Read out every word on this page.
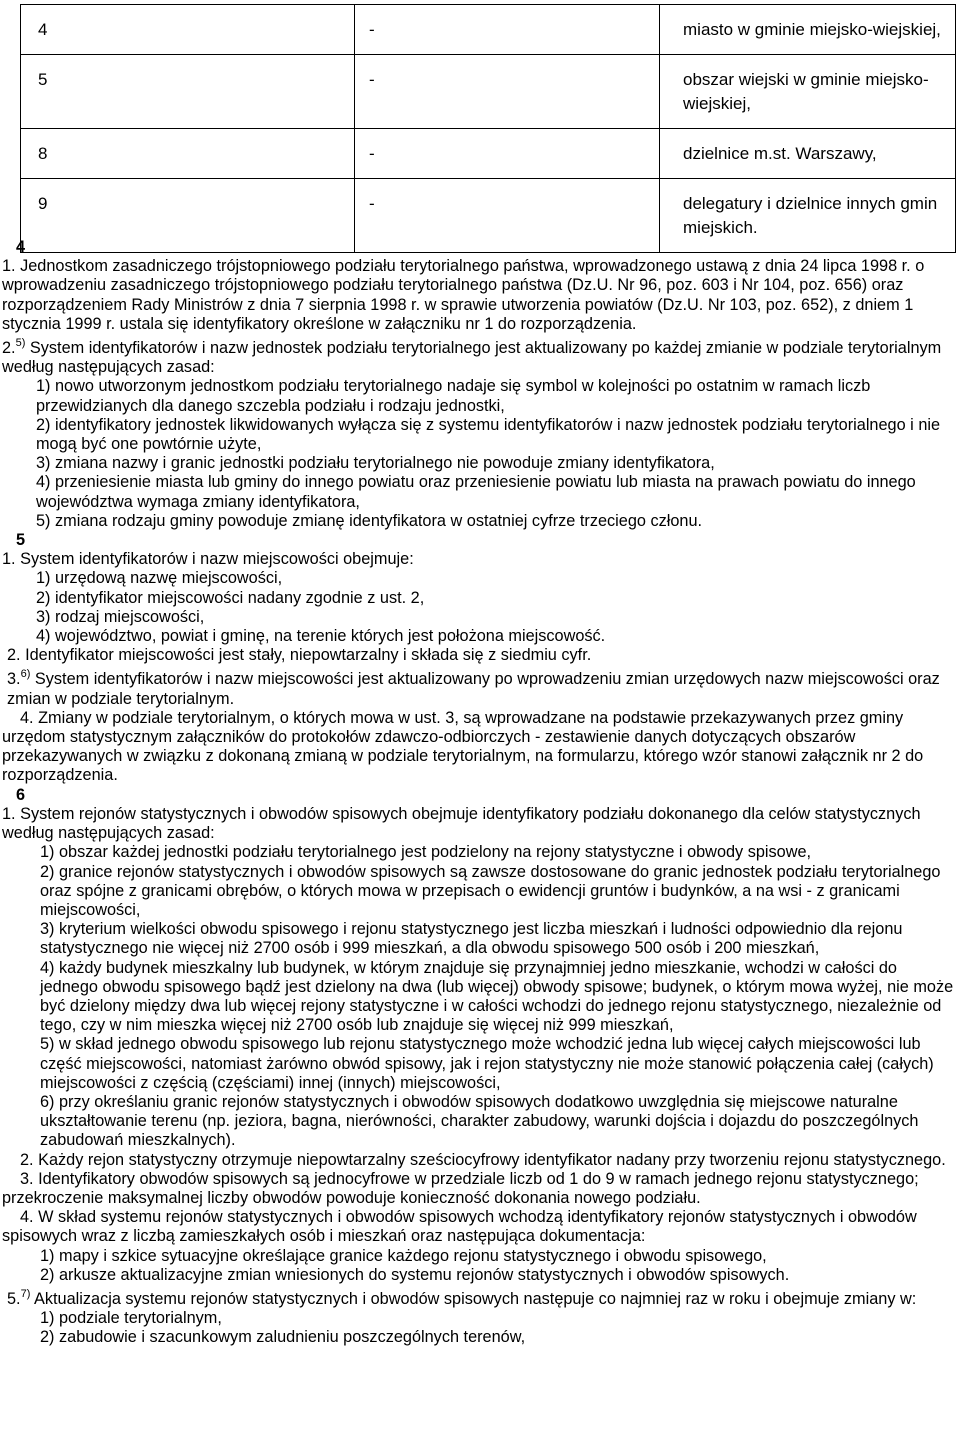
4	-	miasto w gminie miejsko-wiejskiej,
5	-	obszar wiejski w gminie miejsko-wiejskiej,
8	-	dzielnice m.st. Warszawy,
9	-	delegatury i dzielnice innych gmin miejskich.

4

1. Jednostkom zasadniczego trójstopniowego podziału terytorialnego państwa, wprowadzonego ustawą z dnia 24 lipca 1998 r. o wprowadzeniu zasadniczego trójstopniowego podziału terytorialnego państwa (Dz.U. Nr 96, poz. 603 i Nr 104, poz. 656) oraz rozporządzeniem Rady Ministrów z dnia 7 sierpnia 1998 r. w sprawie utworzenia powiatów (Dz.U. Nr 103, poz. 652), z dniem 1 stycznia 1999 r. ustala się identyfikatory określone w załączniku nr 1 do rozporządzenia.

2.$^{5)}$ System identyfikatorów i nazw jednostek podziału terytorialnego jest aktualizowany po każdej zmianie w podziale terytorialnym według następujących zasad:

1) nowo utworzonym jednostkom podziału terytorialnego nadaje się symbol w kolejności po ostatnim w ramach liczb przewidzianych dla danego szczebla podziału i rodzaju jednostki,

2) identyfikatory jednostek likwidowanych wyłącza się z systemu identyfikatorów i nazw jednostek podziału terytorialnego i nie mogą być one powtórnie użyte,

3) zmiana nazwy i granic jednostki podziału terytorialnego nie powoduje zmiany identyfikatora,

4) przeniesienie miasta lub gminy do innego powiatu oraz przeniesienie powiatu lub miasta na prawach powiatu do innego województwa wymaga zmiany identyfikatora,

5) zmiana rodzaju gminy powoduje zmianę identyfikatora w ostatniej cyfrze trzeciego członu.

5

1. System identyfikatorów i nazw miejscowości obejmuje:

1) urzędową nazwę miejscowości,

2) identyfikator miejscowości nadany zgodnie z ust. 2,

3) rodzaj miejscowości,

4) województwo, powiat i gminę, na terenie których jest położona miejscowość.

2. Identyfikator miejscowości jest stały, niepowtarzalny i składa się z siedmiu cyfr.

3.$^{6)}$ System identyfikatorów i nazw miejscowości jest aktualizowany po wprowadzeniu zmian urzędowych nazw miejscowości oraz zmian w podziale terytorialnym.

4. Zmiany w podziale terytorialnym, o których mowa w ust. 3, są wprowadzane na podstawie przekazywanych przez gminy urzędom statystycznym załączników do protokołów zdawczo-odbiorczych - zestawienie danych dotyczących obszarów przekazywanych w związku z dokonaną zmianą w podziale terytorialnym, na formularzu, którego wzór stanowi załącznik nr 2 do rozporządzenia.

6

1. System rejonów statystycznych i obwodów spisowych obejmuje identyfikatory podziału dokonanego dla celów statystycznych według następujących zasad:

1) obszar każdej jednostki podziału terytorialnego jest podzielony na rejony statystyczne i obwody spisowe,

2) granice rejonów statystycznych i obwodów spisowych są zawsze dostosowane do granic jednostek podziału terytorialnego oraz spójne z granicami obrębów, o których mowa w przepisach o ewidencji gruntów i budynków, a na wsi - z granicami miejscowości,

3) kryterium wielkości obwodu spisowego i rejonu statystycznego jest liczba mieszkań i ludności odpowiednio dla rejonu statystycznego nie więcej niż 2700 osób i 999 mieszkań, a dla obwodu spisowego 500 osób i 200 mieszkań,

4) każdy budynek mieszkalny lub budynek, w którym znajduje się przynajmniej jedno mieszkanie, wchodzi w całości do jednego obwodu spisowego bądź jest dzielony na dwa (lub więcej) obwody spisowe; budynek, o którym mowa wyżej, nie może być dzielony między dwa lub więcej rejony statystyczne i w całości wchodzi do jednego rejonu statystycznego, niezależnie od tego, czy w nim mieszka więcej niż 2700 osób lub znajduje się więcej niż 999 mieszkań,

5) w skład jednego obwodu spisowego lub rejonu statystycznego może wchodzić jedna lub więcej całych miejscowości lub część miejscowości, natomiast żarówno obwód spisowy, jak i rejon statystyczny nie może stanowić połączenia całej (całych) miejscowości z częścią (częściami) innej (innych) miejscowości,

6) przy określaniu granic rejonów statystycznych i obwodów spisowych dodatkowo uwzględnia się miejscowe naturalne ukształtowanie terenu (np. jeziora, bagna, nierówności, charakter zabudowy, warunki dojścia i dojazdu do poszczególnych zabudowań mieszkalnych).

2. Każdy rejon statystyczny otrzymuje niepowtarzalny sześciocyfrowy identyfikator nadany przy tworzeniu rejonu statystycznego.

3. Identyfikatory obwodów spisowych są jednocyfrowe w przedziale liczb od 1 do 9 w ramach jednego rejonu statystycznego; przekroczenie maksymalnej liczby obwodów powoduje konieczność dokonania nowego podziału.

4. W skład systemu rejonów statystycznych i obwodów spisowych wchodzą identyfikatory rejonów statystycznych i obwodów spisowych wraz z liczbą zamieszkałych osób i mieszkań oraz następująca dokumentacja:

1) mapy i szkice sytuacyjne określające granice każdego rejonu statystycznego i obwodu spisowego,

2) arkusze aktualizacyjne zmian wniesionych do systemu rejonów statystycznych i obwodów spisowych.

5.$^{7)}$ Aktualizacja systemu rejonów statystycznych i obwodów spisowych następuje co najmniej raz w roku i obejmuje zmiany w:

1) podziale terytorialnym,

2) zabudowie i szacunkowym zaludnieniu poszczególnych terenów,
